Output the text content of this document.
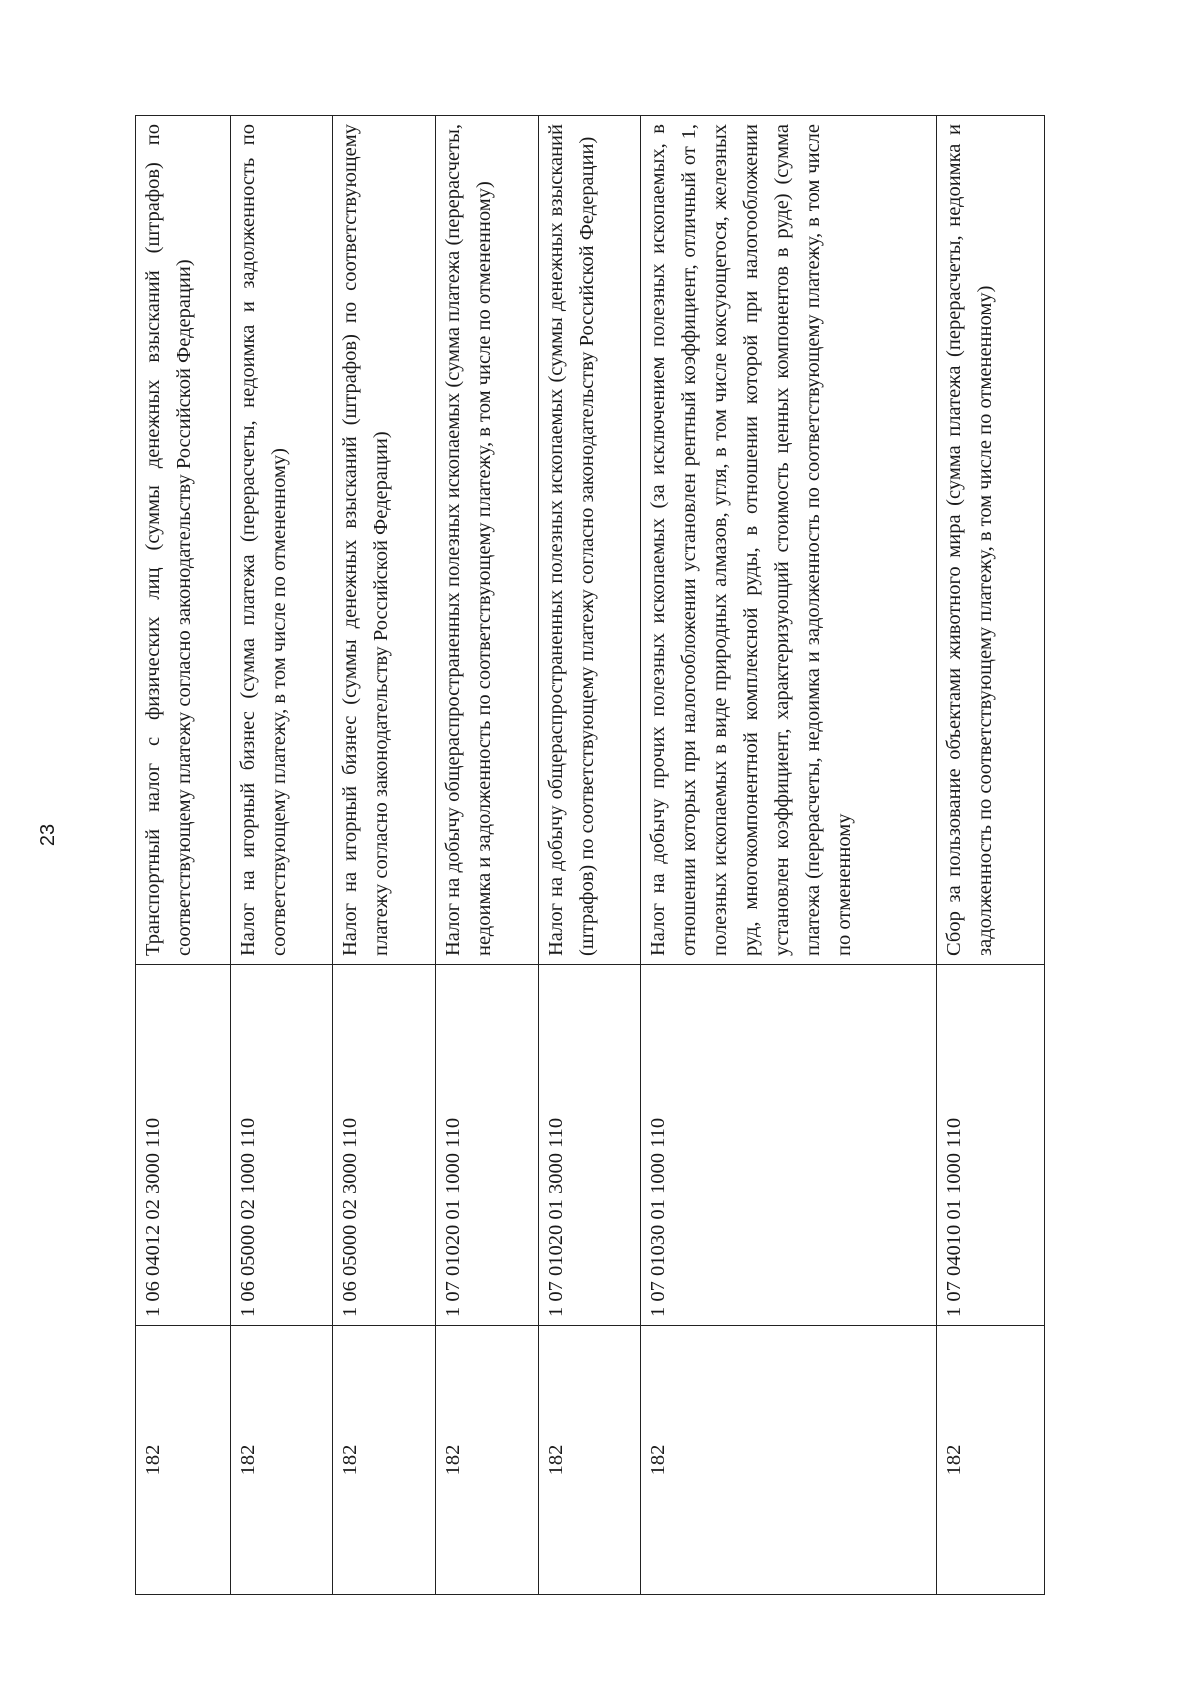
23
182	1 06 04012 02 3000 110	Транспортный налог с физических лиц (суммы денежных взысканий (штрафов) по соответствующему платежу согласно законодательству Российской Федерации)
182	1 06 05000 02 1000 110	Налог на игорный бизнес (сумма платежа (перерасчеты, недоимка и задолженность по соответствующему платежу, в том числе по отмененному)
182	1 06 05000 02 3000 110	Налог на игорный бизнес (суммы денежных взысканий (штрафов) по соответствующему платежу согласно законодательству Российской Федерации)
182	1 07 01020 01 1000 110	Налог на добычу общераспространенных полезных ископаемых (сумма платежа (перерасчеты, недоимка и задолженность по соответствующему платежу, в том числе по отмененному)
182	1 07 01020 01 3000 110	Налог на добычу общераспространенных полезных ископаемых (суммы денежных взысканий (штрафов) по соответствующему платежу согласно законодательству Российской Федерации)
182	1 07 01030 01 1000 110	Налог на добычу прочих полезных ископаемых (за исключением полезных ископаемых, в отношении которых при налогообложении установлен рентный коэффициент, отличный от 1, полезных ископаемых в виде природных алмазов, угля, в том числе коксующегося, железных руд, многокомпонентной комплексной руды, в отношении которой при налогообложении установлен коэффициент, характеризующий стоимость ценных компонентов в руде) (сумма платежа (перерасчеты, недоимка и задолженность по соответствующему платежу, в том числе по отмененному
182	1 07 04010 01 1000 110	Сбор за пользование объектами животного мира (сумма платежа (перерасчеты, недоимка и задолженность по соответствующему платежу, в том числе по отмененному)
